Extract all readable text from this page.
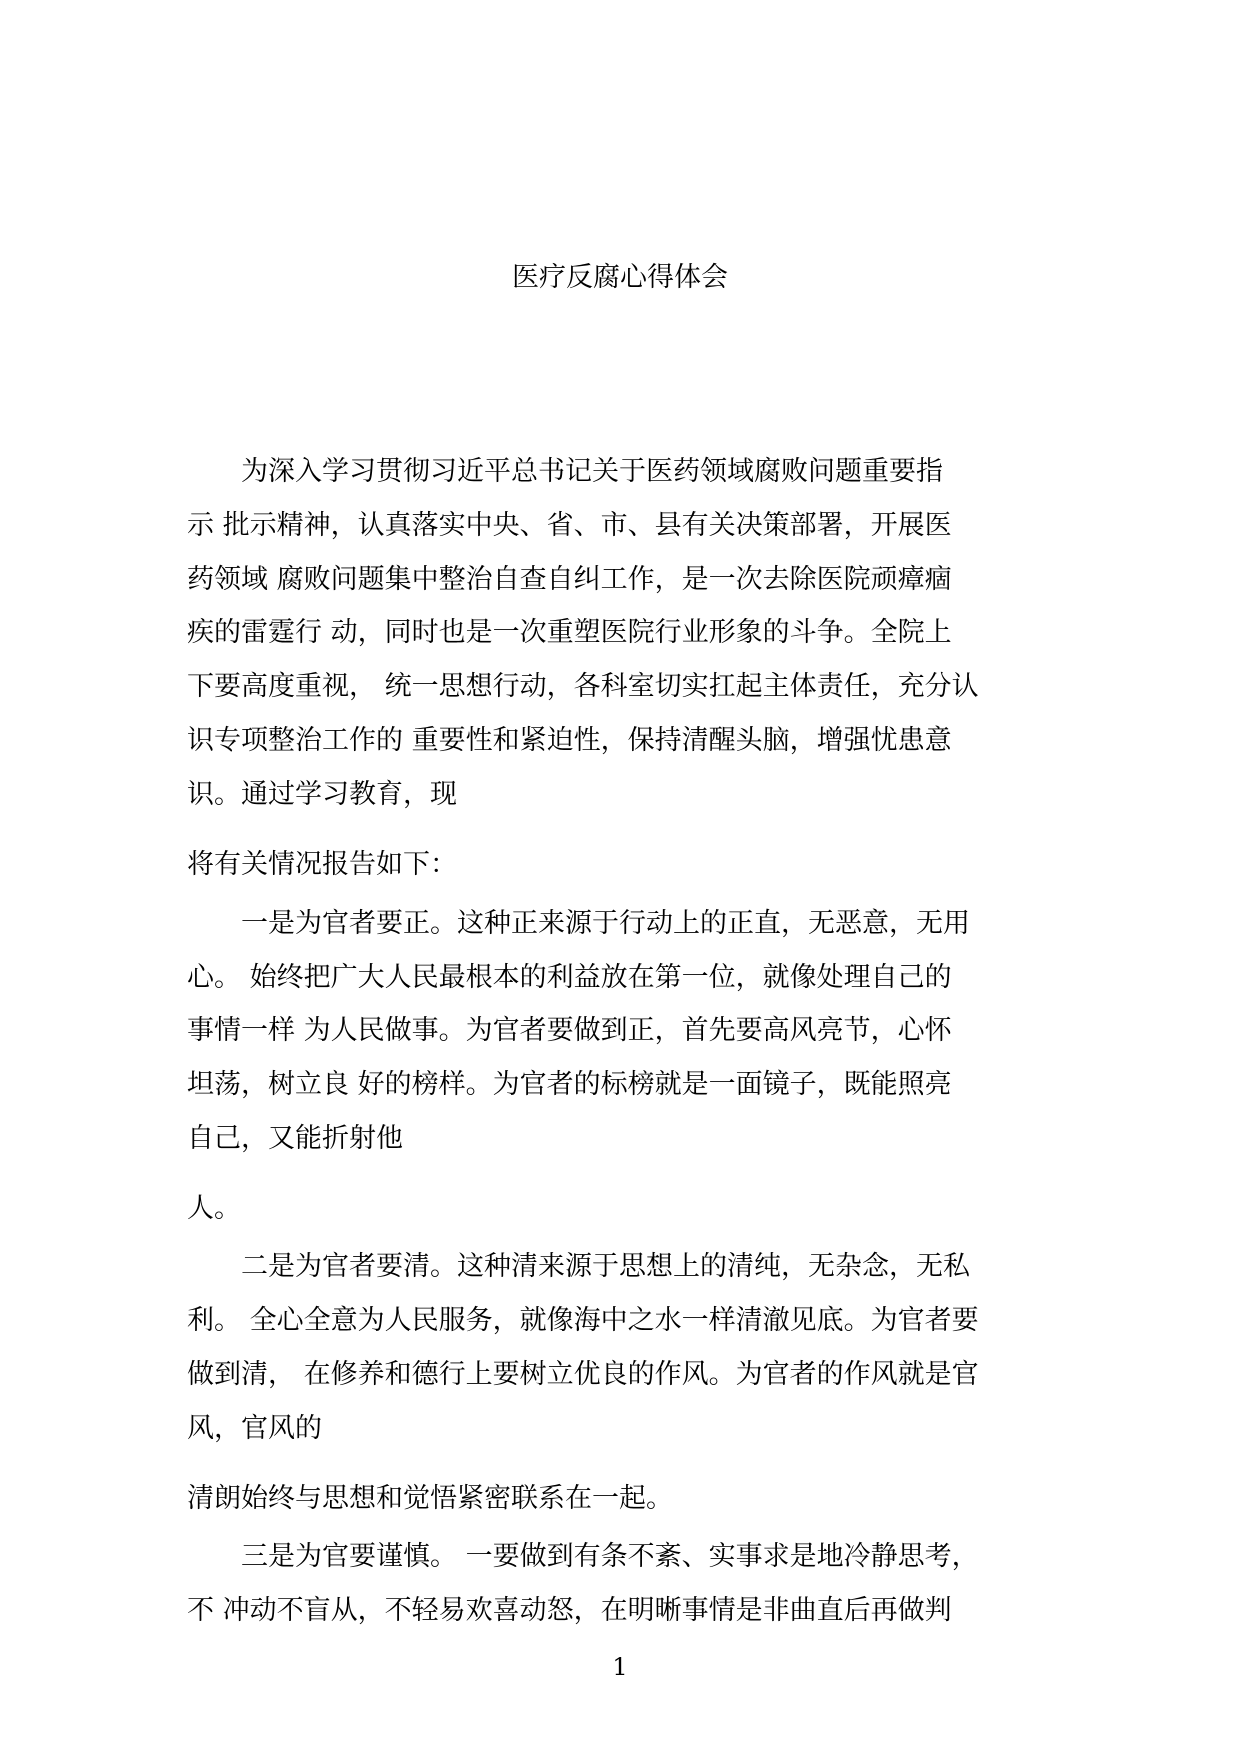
医疗反腐心得体会
　　为深入学习贯彻习近平总书记关于医药领域腐败问题重要指
示 批示精神，认真落实中央、省、市、县有关决策部署，开展医
药领域 腐败问题集中整治自查自纠工作，是一次去除医院顽瘴痼
疾的雷霆行 动，同时也是一次重塑医院行业形象的斗争。全院上
下要高度重视， 统一思想行动，各科室切实扛起主体责任，充分认
识专项整治工作的 重要性和紧迫性，保持清醒头脑，增强忧患意
识。通过学习教育，现
将有关情况报告如下：
　　一是为官者要正。这种正来源于行动上的正直，无恶意，无用
心。 始终把广大人民最根本的利益放在第一位，就像处理自己的
事情一样 为人民做事。为官者要做到正，首先要高风亮节，心怀
坦荡，树立良 好的榜样。为官者的标榜就是一面镜子，既能照亮
自己，又能折射他
人。
　　二是为官者要清。这种清来源于思想上的清纯，无杂念，无私
利。 全心全意为人民服务，就像海中之水一样清澈见底。为官者要
做到清， 在修养和德行上要树立优良的作风。为官者的作风就是官
风，官风的
清朗始终与思想和觉悟紧密联系在一起。
　　三是为官要谨慎。 一要做到有条不紊、实事求是地冷静思考，
不 冲动不盲从，不轻易欢喜动怒，在明晰事情是非曲直后再做判
1
